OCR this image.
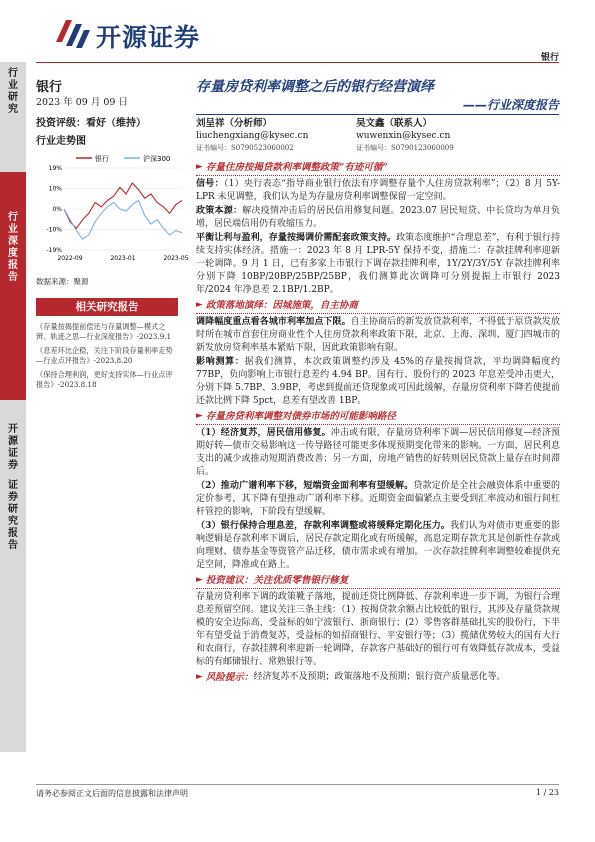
开源证券
银行
行
业
研
究
行
业
深
度
报
告
开
源
证
券
证
券
研
究
报
告
银行
2023 年 09 月 09 日
投资评级：看好（维持）
行业走势图
银行	沪深300
19%
10%
0%
-10%
-19%
2022-09	2023-01	2023-05
数据来源：聚源
相关研究报告

《存量按揭提前偿还与存量调整—模式之辨、轨迹之思—行业深度报告》-2023.9.1

《息差环比企稳，关注下阶段存量利率走势—行业点评报告》-2023.8.20

《保持合理利润，更好支持实体—行业点评报告》-2023.8.18

存量房贷利率调整之后的银行经营演绎
——行业深度报告
刘呈祥（分析师）
liuchengxiang@kysec.cn
证书编号：S0790523060002
吴文鑫（联系人）
wuwenxin@kysec.cn
证书编号：S0790123060009
► 存量住房按揭贷款利率调整政策“有迹可循”

信号：（1）央行表态“指导商业银行依法有序调整存量个人住房贷款利率”；（2）8 月 5Y-LPR 未见调整，我们认为是为存量房贷利率调整保留一定空间。

政策本源：解决疫情冲击后的居民信用修复问题。2023.07 居民短贷、中长贷均为单月负增，居民端信用仍有收缩压力。

平衡让利与盈利，存量按揭调价需配套政策支持。政策态度维护“合理息差”，有利于银行持续支持实体经济。措施一：2023 年 8 月 LPR-5Y 保持不变，措施二：存款挂牌利率迎新一轮调降。9 月 1 日，已有多家上市银行下调存款挂牌利率，1Y/2Y/3Y/5Y 存款挂牌利率分别下降 10BP/20BP/25BP/25BP，我们测算此次调降可分别提振上市银行 2023 年/2024 年净息差 2.1BP/1.2BP。

► 政策落地演绎：因城施策，自主协商

调降幅度重点看各城市利率加点下限。自主协商后的新发放贷款利率，不得低于原贷款发放时所在城市首套住房商业性个人住房贷款利率政策下限，北京、上海、深圳、厦门四城市的新发放房贷利率基本紧贴下限，因此政策影响有限。

影响测算：据我们测算，本次政策调整约涉及 45%的存量按揭贷款，平均调降幅度约 77BP，负向影响上市银行息差约 4.94 BP。国有行、股份行的 2023 年息差受冲击更大，分别下降 5.7BP、3.9BP，考虑到提前还贷现象或可因此缓解，存量房贷利率下降若使提前还款比例下降 5pct，息差有望改善 1BP。

► 存量房贷利率调整对债券市场的可能影响路径

（1）经济复苏，居民信用修复。冲击或有限，存量房贷利率下调—居民信用修复—经济预期好转—债市交易影响这一传导路径可能更多体现预期变化带来的影响。一方面，居民利息支出的减少或推动短期消费改善；另一方面，房地产销售的好转则居民贷款上量存在时间滞后。

（2）推动广谱利率下移，短端资金面利率有望缓解。贷款定价是全社会融资体系中重要的定价参考，其下降有望推动广谱利率下移。近期资金面偏紧点主要受到汇率波动和银行间杠杆管控的影响，下阶段有望缓解。

（3）银行保持合理息差，存款利率调整或将缓释定期化压力。我们认为对债市更重要的影响逻辑是存款利率下调后，居民存款定期化或有所缓解，高息定期存款尤其是创新性存款或向理财、债券基金等资管产品迁移，债市需求或有增加。一次存款挂牌利率调整较难提供充足空间，降准或在路上。

► 投资建议：关注优质零售银行修复

存量房贷利率下调的政策靴子落地，提前还贷比例降低、存款利率进一步下调，为银行合理息差预留空间。建议关注三条主线：（1）按揭贷款余额占比较低的银行，其涉及存量贷款规模的安全边际高，受益标的如宁波银行、浙商银行；(2）零售客群基础扎实的股份行，下半年有望受益于消费复苏，受益标的如招商银行、平安银行等；（3）揽储优势较大的国有大行和农商行，存款挂牌利率迎新一轮调降，存款客户基础好的银行可有效降低存款成本，受益标的有邮储银行、常熟银行等。

► 风险提示： 经济复苏不及预期；政策落地不及预期；银行资产质量恶化等。
请务必参阅正文后面的信息披露和法律声明	1 / 23
